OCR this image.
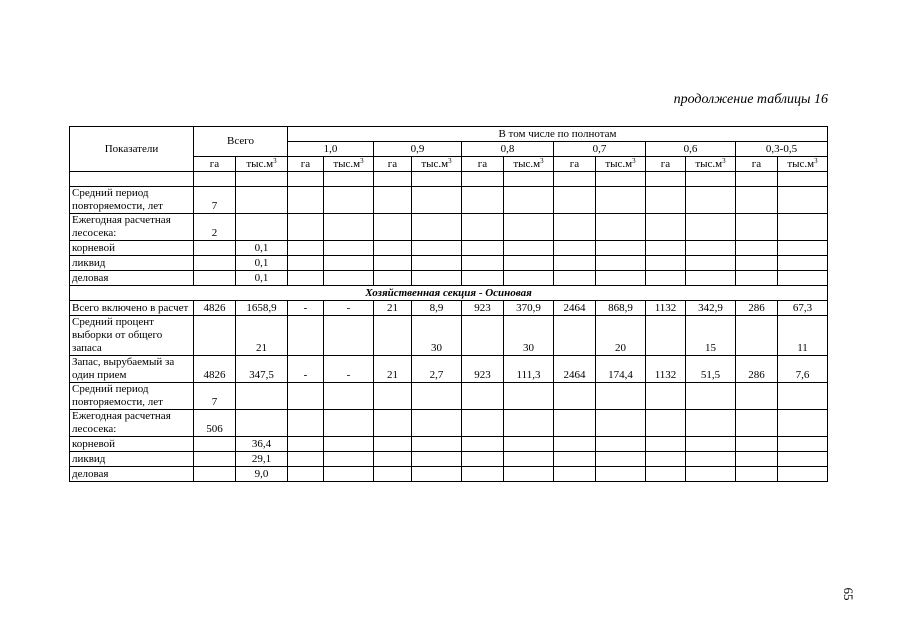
продолжение таблицы 16
Показатели	Всего		В том числе по полнотам											
			1,0		0,9		0,8		0,7		0,6		0,3-0,5	
	га	$тыс.м^3$	га	$тыс.м^3$	га	$тыс.м^3$	га	$тыс.м^3$	га	$тыс.м^3$	га	$тыс.м^3$	га	$тыс.м^3$

Средний период повторяемости, лет	7													
Ежегодная расчетная лесосека:	2													
корневой		0,1												
ликвид		0,1												
деловая		0,1												
Хозяйственная секция - Осиновая														
Всего включено в расчет	4826	1658,9	-	-	21	8,9	923	370,9	2464	868,9	1132	342,9	286	67,3
Средний процент выборки от общего запаса		21				30		30		20		15		11
Запас, вырубаемый за один прием	4826	347,5	-	-	21	2,7	923	111,3	2464	174,4	1132	51,5	286	7,6
Средний период повторяемости, лет	7													
Ежегодная расчетная лесосека:	506													
корневой		36,4												
ликвид		29,1												
деловая		9,0												
65
